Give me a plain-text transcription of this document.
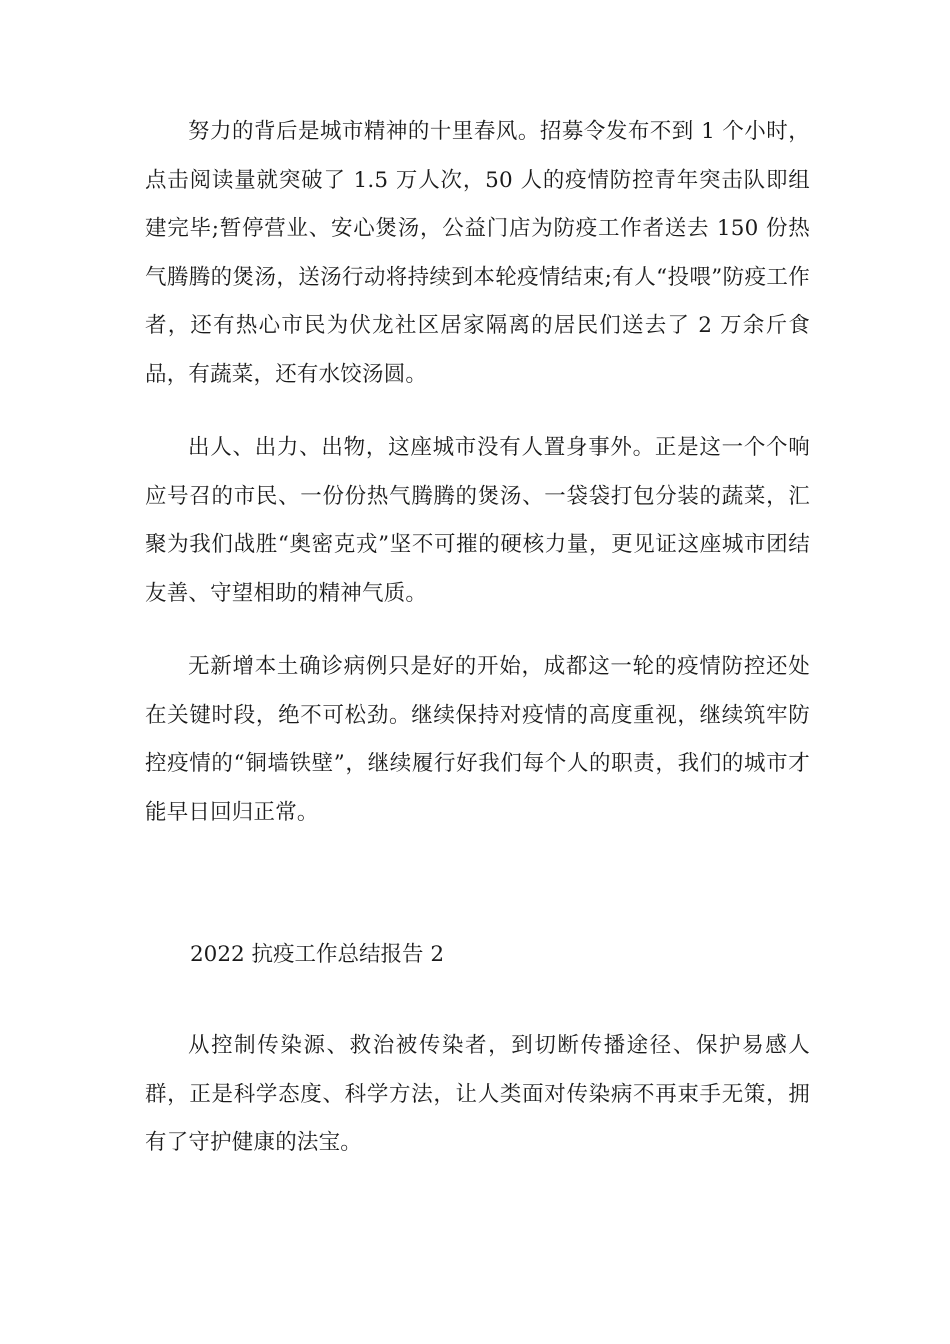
努力的背后是城市精神的十里春风。招募令发布不到 1 个小时，点击阅读量就突破了 1.5 万人次，50 人的疫情防控青年突击队即组建完毕;暂停营业、安心煲汤，公益门店为防疫工作者送去 150 份热气腾腾的煲汤，送汤行动将持续到本轮疫情结束;有人“投喂”防疫工作者，还有热心市民为伏龙社区居家隔离的居民们送去了 2 万余斤食品，有蔬菜，还有水饺汤圆。

出人、出力、出物，这座城市没有人置身事外。正是这一个个响应号召的市民、一份份热气腾腾的煲汤、一袋袋打包分装的蔬菜，汇聚为我们战胜“奥密克戎”坚不可摧的硬核力量，更见证这座城市团结友善、守望相助的精神气质。

无新增本土确诊病例只是好的开始，成都这一轮的疫情防控还处在关键时段，绝不可松劲。继续保持对疫情的高度重视，继续筑牢防控疫情的“铜墙铁壁”，继续履行好我们每个人的职责，我们的城市才能早日回归正常。

2022 抗疫工作总结报告 2

从控制传染源、救治被传染者，到切断传播途径、保护易感人群，正是科学态度、科学方法，让人类面对传染病不再束手无策，拥有了守护健康的法宝。
